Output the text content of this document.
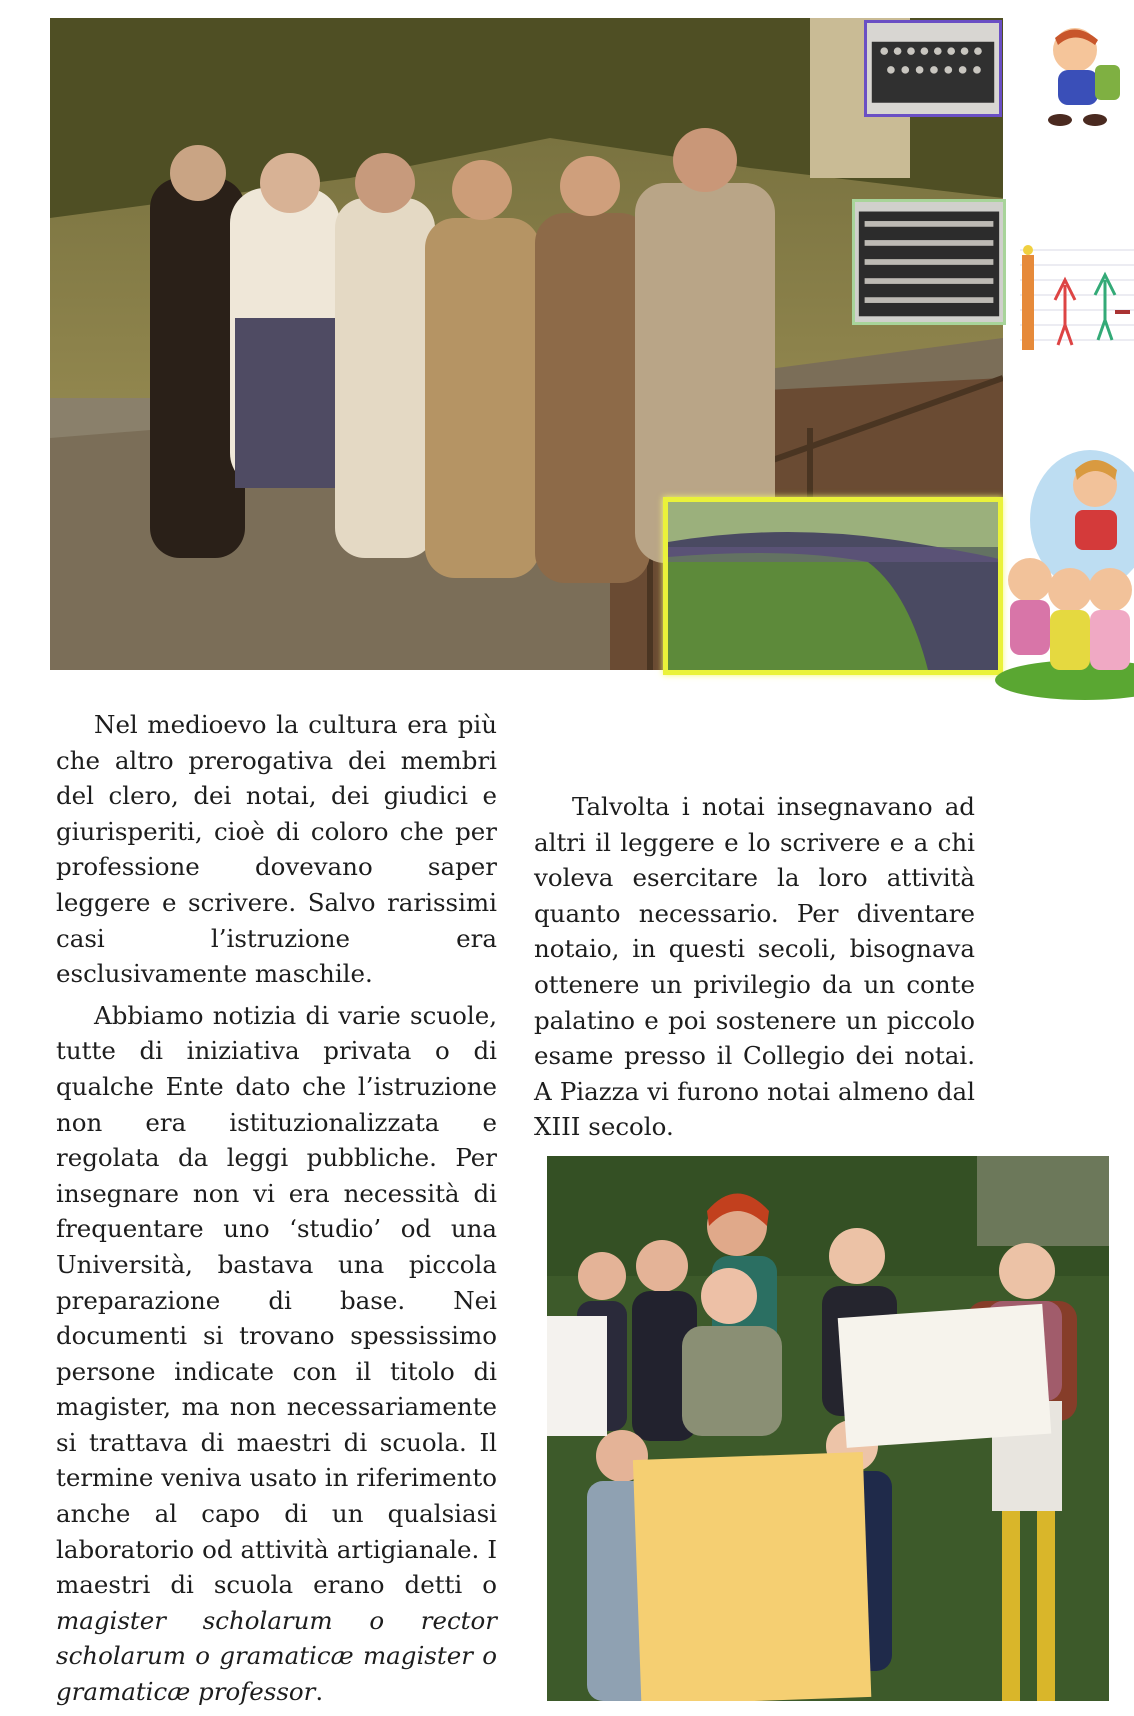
Nel medioevo la cultura era più che altro prerogativa dei membri del clero, dei notai, dei giudici e giurisperiti, cioè di coloro che per professione dovevano saper leggere e scrivere. Salvo rarissimi casi l’istruzione era esclusivamente maschile.

Abbiamo notizia di varie scuole, tutte di iniziativa privata o di qualche Ente dato che l’istruzione non era istituzionalizzata e regolata da leggi pubbliche. Per insegnare non vi era necessità di frequentare uno ‘studio’ od una Università, bastava una piccola preparazione di base. Nei documenti si trovano spessissimo persone indicate con il titolo di magister, ma non necessariamente si trattava di maestri di scuola. Il termine veniva usato in riferimento anche al capo di un qualsiasi laboratorio od attività artigianale. I maestri di scuola erano detti o magister scholarum o rector scholarum o gramaticæ magister o gramaticæ professor.

Talvolta i notai insegnavano ad altri il leggere e lo scrivere e a chi voleva esercitare la loro attività quanto necessario. Per diventare notaio, in questi secoli, bisognava ottenere un privilegio da un conte palatino e poi sostenere un piccolo esame presso il Collegio dei notai. A Piazza vi furono notai almeno dal XIII secolo.
